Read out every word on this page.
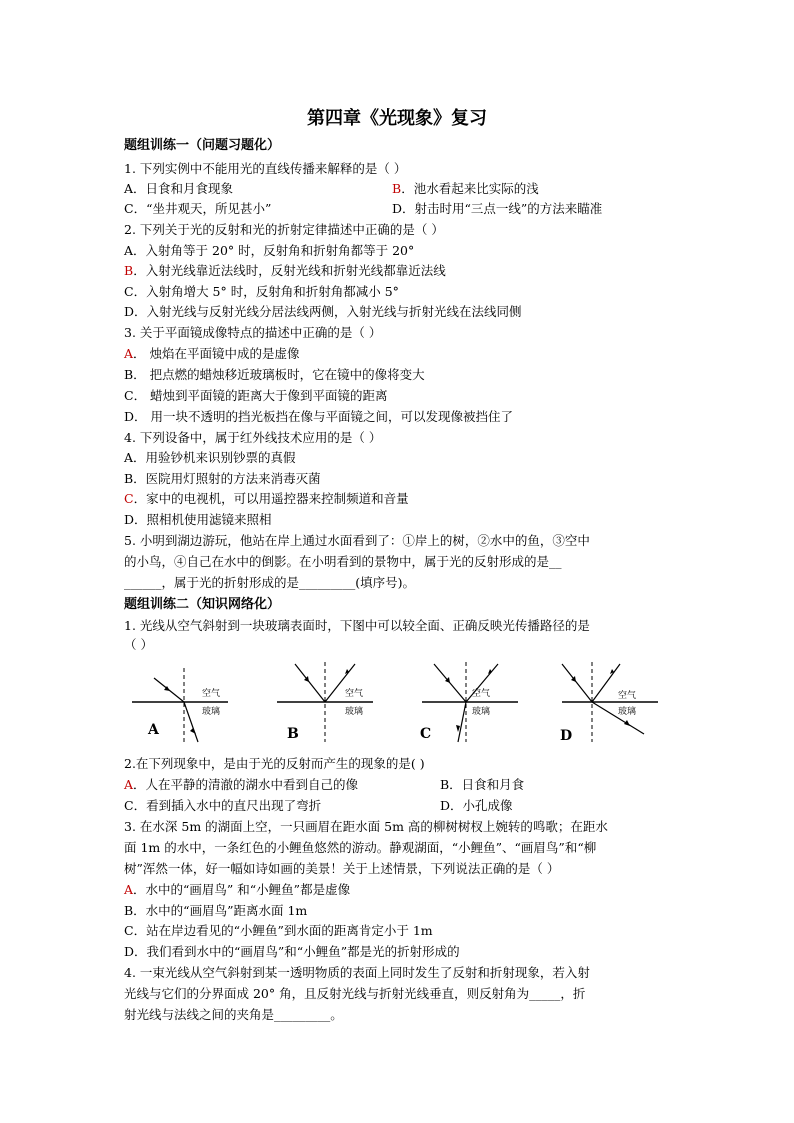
第四章《光现象》复习
题组训练一（问题习题化）
1. 下列实例中不能用光的直线传播来解释的是（ ）
A．日食和月食现象	B．池水看起来比实际的浅
C．“坐井观天，所见甚小”	D．射击时用“三点一线”的方法来瞄准
2. 下列关于光的反射和光的折射定律描述中正确的是（ ）
A．入射角等于 20° 时，反射角和折射角都等于 20°
B．入射光线靠近法线时，反射光线和折射光线都靠近法线
C．入射角增大 5° 时，反射角和折射角都减小 5°
D．入射光线与反射光线分居法线两侧，入射光线与折射光线在法线同侧
3. 关于平面镜成像特点的描述中正确的是（ ）
A． 烛焰在平面镜中成的是虚像
B． 把点燃的蜡烛移近玻璃板时，它在镜中的像将变大
C． 蜡烛到平面镜的距离大于像到平面镜的距离
D． 用一块不透明的挡光板挡在像与平面镜之间，可以发现像被挡住了
4. 下列设备中，属于红外线技术应用的是（ ）
A．用验钞机来识别钞票的真假
B．医院用灯照射的方法来消毒灭菌
C．家中的电视机，可以用遥控器来控制频道和音量
D．照相机使用滤镜来照相
5. 小明到湖边游玩，他站在岸上通过水面看到了：①岸上的树，②水中的鱼，③空中
的小鸟，④自己在水中的倒影。在小明看到的景物中，属于光的反射形成的是__
______，属于光的折射形成的是_________(填序号)。
题组训练二（知识网络化）
1. 光线从空气斜射到一块玻璃表面时，下图中可以较全面、正确反映光传播路径的是
（ ）
空气
玻璃
A
空气
玻璃
B
空气
玻璃
C
空气
玻璃
D
2.在下列现象中，是由于光的反射而产生的现象的是( )
A．人在平静的清澈的湖水中看到自己的像	B．日食和月食
C．看到插入水中的直尺出现了弯折	D．小孔成像
3. 在水深 5m 的湖面上空，一只画眉在距水面 5m 高的柳树树杈上婉转的鸣歌；在距水
面 1m 的水中，一条红色的小鲤鱼悠然的游动。静观湖面，“小鲤鱼”、“画眉鸟”和“柳
树”浑然一体，好一幅如诗如画的美景！关于上述情景，下列说法正确的是（ ）
A．水中的“画眉鸟” 和“小鲤鱼”都是虚像
B．水中的“画眉鸟”距离水面 1m
C．站在岸边看见的“小鲤鱼”到水面的距离肯定小于 1m
D．我们看到水中的“画眉鸟”和“小鲤鱼”都是光的折射形成的
4. 一束光线从空气斜射到某一透明物质的表面上同时发生了反射和折射现象，若入射
光线与它们的分界面成 20° 角，且反射光线与折射光线垂直，则反射角为_____，折
射光线与法线之间的夹角是_________。
